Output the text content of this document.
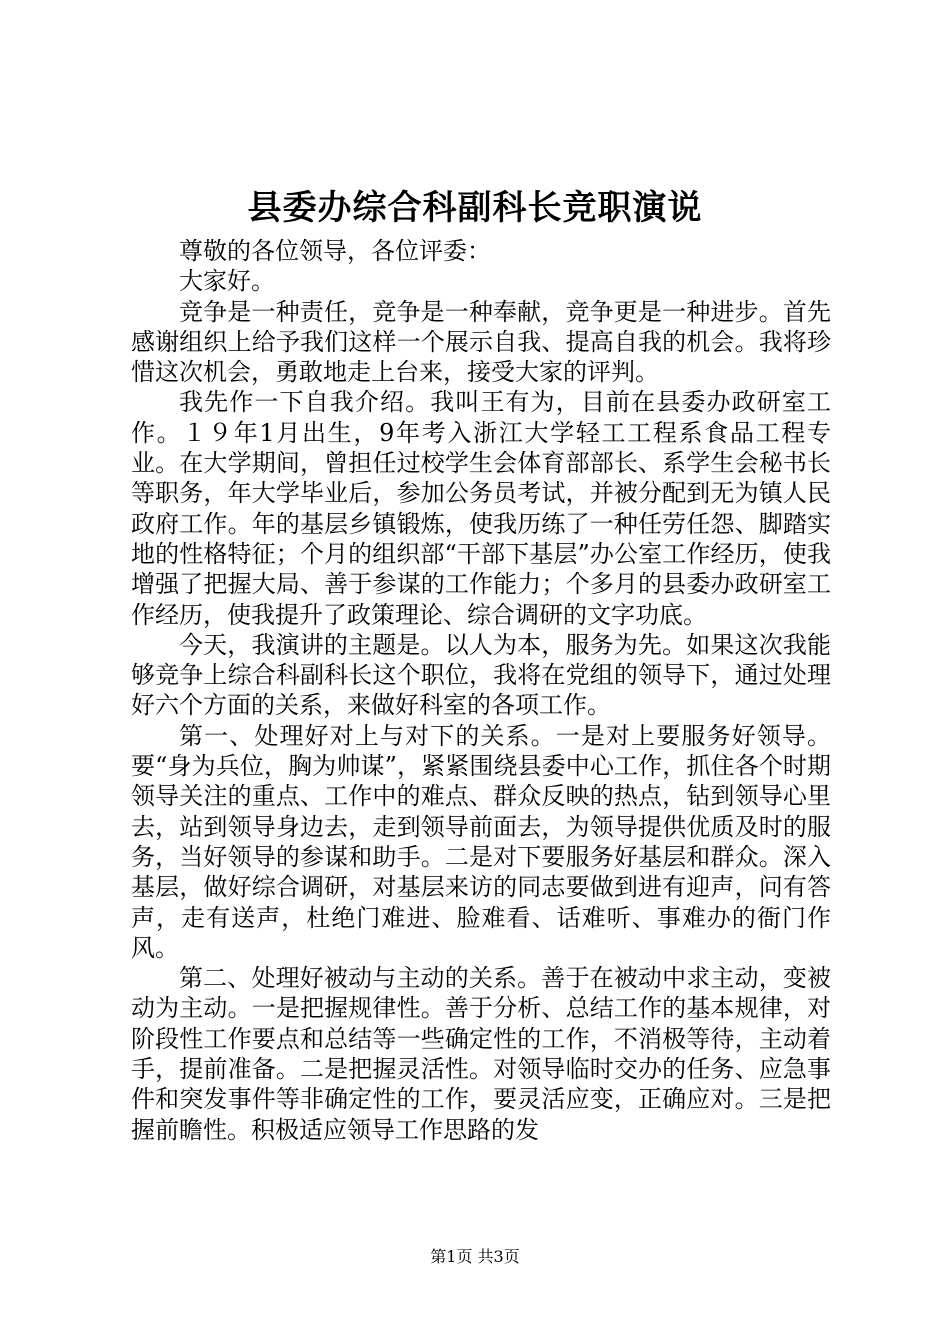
县委办综合科副科长竞职演说

尊敬的各位领导，各位评委：

大家好。

竞争是一种责任，竞争是一种奉献，竞争更是一种进步。首先感谢组织上给予我们这样一个展示自我、提高自我的机会。我将珍惜这次机会，勇敢地走上台来，接受大家的评判。

我先作一下自我介绍。我叫王有为，目前在县委办政研室工作。１９年1月出生，9年考入浙江大学轻工工程系食品工程专业。在大学期间，曾担任过校学生会体育部部长、系学生会秘书长等职务，年大学毕业后，参加公务员考试，并被分配到无为镇人民政府工作。年的基层乡镇锻炼，使我历练了一种任劳任怨、脚踏实地的性格特征；个月的组织部“干部下基层”办公室工作经历，使我增强了把握大局、善于参谋的工作能力；个多月的县委办政研室工作经历，使我提升了政策理论、综合调研的文字功底。

今天，我演讲的主题是。以人为本，服务为先。如果这次我能够竞争上综合科副科长这个职位，我将在党组的领导下，通过处理好六个方面的关系，来做好科室的各项工作。

第一、处理好对上与对下的关系。一是对上要服务好领导。要“身为兵位，胸为帅谋”，紧紧围绕县委中心工作，抓住各个时期领导关注的重点、工作中的难点、群众反映的热点，钻到领导心里去，站到领导身边去，走到领导前面去，为领导提供优质及时的服务，当好领导的参谋和助手。二是对下要服务好基层和群众。深入基层，做好综合调研，对基层来访的同志要做到进有迎声，问有答声，走有送声，杜绝门难进、脸难看、话难听、事难办的衙门作风。

第二、处理好被动与主动的关系。善于在被动中求主动，变被动为主动。一是把握规律性。善于分析、总结工作的基本规律，对阶段性工作要点和总结等一些确定性的工作，不消极等待，主动着手，提前准备。二是把握灵活性。对领导临时交办的任务、应急事件和突发事件等非确定性的工作，要灵活应变，正确应对。三是把握前瞻性。积极适应领导工作思路的发

第1页 共3页
